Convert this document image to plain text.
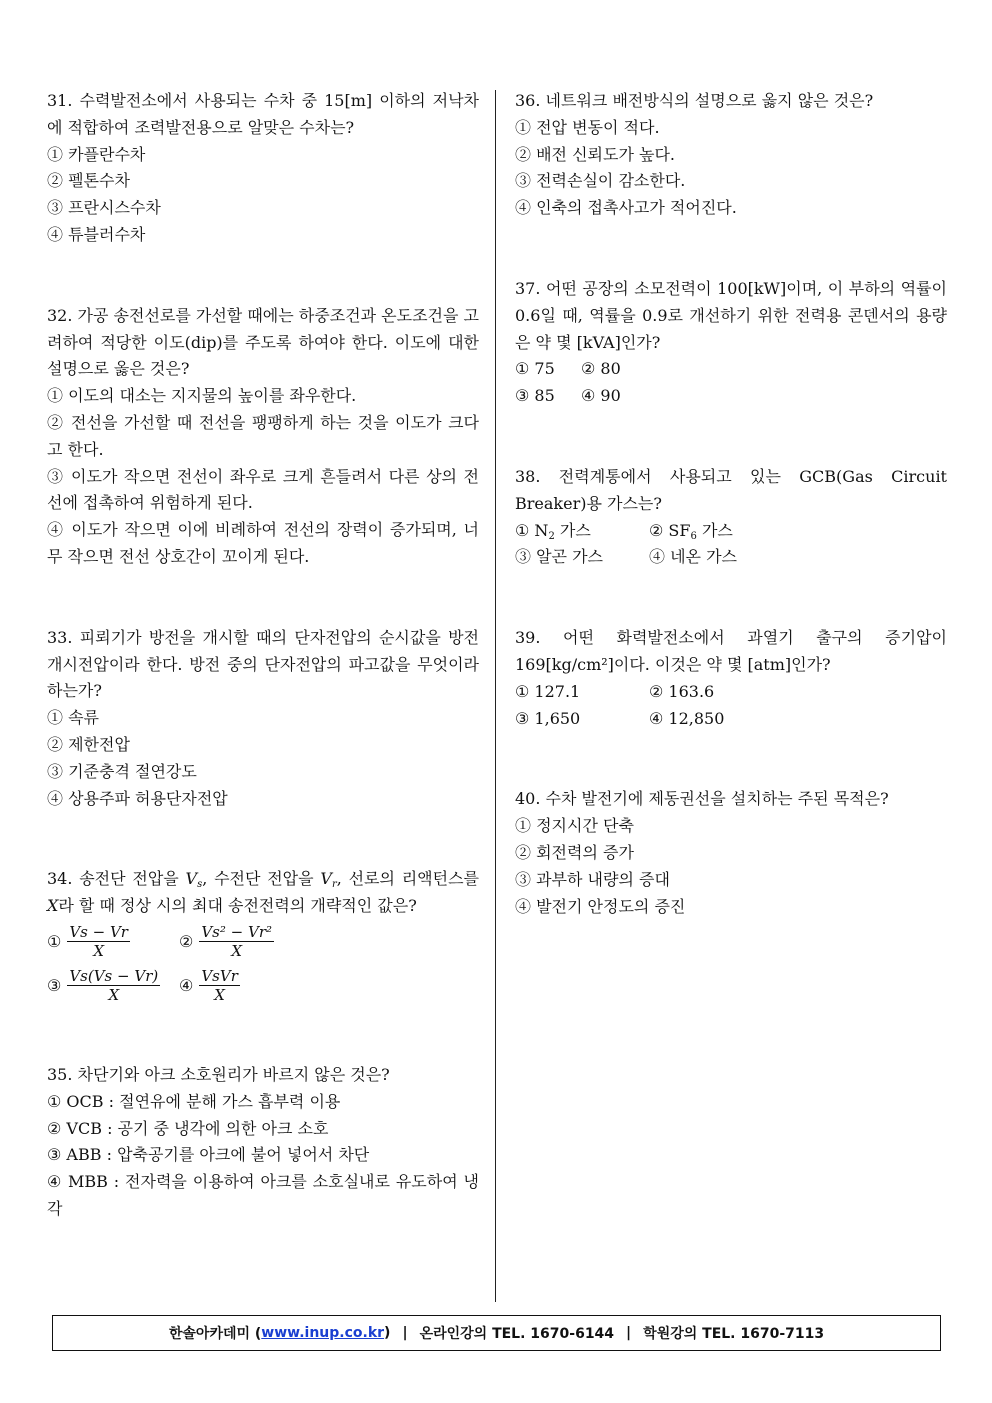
31. 수력발전소에서 사용되는 수차 중 15[m] 이하의 저낙차에 적합하여 조력발전용으로 알맞은 수차는?
① 카플란수차
② 펠톤수차
③ 프란시스수차
④ 튜블러수차
32. 가공 송전선로를 가선할 때에는 하중조건과 온도조건을 고려하여 적당한 이도(dip)를 주도록 하여야 한다. 이도에 대한 설명으로 옳은 것은?
① 이도의 대소는 지지물의 높이를 좌우한다.
② 전선을 가선할 때 전선을 팽팽하게 하는 것을 이도가 크다고 한다.
③ 이도가 작으면 전선이 좌우로 크게 흔들려서 다른 상의 전선에 접촉하여 위험하게 된다.
④ 이도가 작으면 이에 비례하여 전선의 장력이 증가되며, 너무 작으면 전선 상호간이 꼬이게 된다.
33. 피뢰기가 방전을 개시할 때의 단자전압의 순시값을 방전 개시전압이라 한다. 방전 중의 단자전압의 파고값을 무엇이라 하는가?
① 속류
② 제한전압
③ 기준충격 절연강도
④ 상용주파 허용단자전압
34. 송전단 전압을 $V_s$, 수전단 전압을 $V_r$, 선로의 리액턴스를 X라 할 때 정상 시의 최대 송전전력의 개략적인 값은?
① $\frac{Vs - Vr}{X}$	② $\frac{\text{Vs² − Vr²}}{X}$
③ $\frac{Vs(Vs - Vr)}{X}$ ④ $\frac{\text{VsVr}}{X}$
35. 차단기와 아크 소호원리가 바르지 않은 것은?
① OCB : 절연유에 분해 가스 흡부력 이용
② VCB : 공기 중 냉각에 의한 아크 소호
③ ABB : 압축공기를 아크에 불어 넣어서 차단
④ MBB : 전자력을 이용하여 아크를 소호실내로 유도하여 냉각
36. 네트워크 배전방식의 설명으로 옳지 않은 것은?
① 전압 변동이 적다.
② 배전 신뢰도가 높다.
③ 전력손실이 감소한다.
④ 인축의 접촉사고가 적어진다.
37. 어떤 공장의 소모전력이 100[kW]이며, 이 부하의 역률이 0.6일 때, 역률을 0.9로 개선하기 위한 전력용 콘덴서의 용량은 약 몇 [kVA]인가?
① 75	② 80
③ 85	④ 90
38. 전력계통에서 사용되고 있는 GCB(Gas Circuit Breaker)용 가스는?
① $N_2$ 가스	② $SF_6$ 가스
③ 알곤 가스	④ 네온 가스
39. 어떤 화력발전소에서 과열기 출구의 증기압이 169[kg/cm²]이다. 이것은 약 몇 [atm]인가?
① 127.1	② 163.6
③ 1,650	④ 12,850
40. 수차 발전기에 제동권선을 설치하는 주된 목적은?
① 정지시간 단축
② 회전력의 증가
③ 과부하 내량의 증대
④ 발전기 안정도의 증진
한솔아카데미 ( www.inup.co.kr ) | 온라인강의 TEL. 1670-6144 | 학원강의 TEL. 1670-7113
